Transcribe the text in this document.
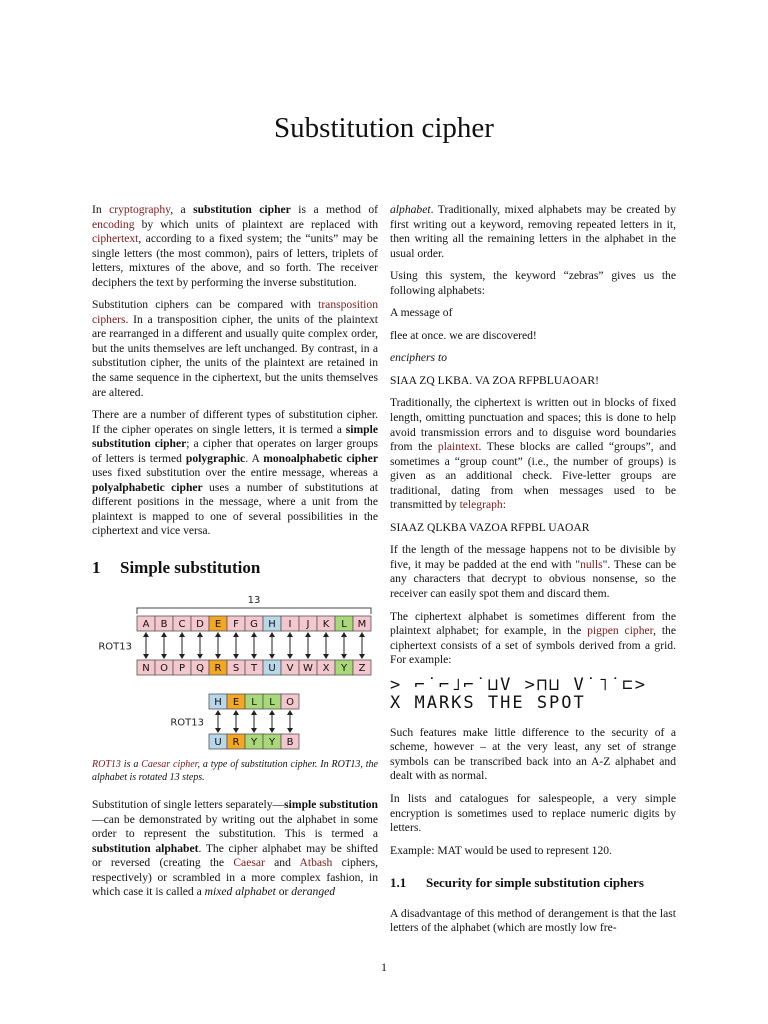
Substitution cipher

In cryptography, a substitution cipher is a method of encoding by which units of plaintext are replaced with ciphertext, according to a fixed system; the “units” may be single letters (the most common), pairs of letters, triplets of letters, mixtures of the above, and so forth. The receiver deciphers the text by performing the inverse substitution.

Substitution ciphers can be compared with transposition ciphers. In a transposition cipher, the units of the plaintext are rearranged in a different and usually quite complex order, but the units themselves are left unchanged. By contrast, in a substitution cipher, the units of the plaintext are retained in the same sequence in the ciphertext, but the units themselves are altered.

There are a number of different types of substitution cipher. If the cipher operates on single letters, it is termed a simple substitution cipher; a cipher that operates on larger groups of letters is termed polygraphic. A monoalphabetic cipher uses fixed substitution over the entire message, whereas a polyalphabetic cipher uses a number of substitutions at different positions in the message, where a unit from the plaintext is mapped to one of several possibilities in the ciphertext and vice versa.

1 Simple substitution
13
A B C D E F G H I J K L M
N O P Q R S T U V W X Y Z
ROT13
H E L L O
U R Y Y B
ROT13

ROT13 is a Caesar cipher, a type of substitution cipher. In ROT13, the alphabet is rotated 13 steps.

Substitution of single letters separately—simple substitution—can be demonstrated by writing out the alphabet in some order to represent the substitution. This is termed a substitution alphabet. The cipher alphabet may be shifted or reversed (creating the Caesar and Atbash ciphers, respectively) or scrambled in a more complex fashion, in which case it is called a mixed alphabet or deranged

alphabet. Traditionally, mixed alphabets may be created by first writing out a keyword, removing repeated letters in it, then writing all the remaining letters in the alphabet in the usual order.

Using this system, the keyword “zebras” gives us the following alphabets:

A message of

flee at once. we are discovered!

enciphers to

SIAA ZQ LKBA. VA ZOA RFPBLUAOAR!

Traditionally, the ciphertext is written out in blocks of fixed length, omitting punctuation and spaces; this is done to help avoid transmission errors and to disguise word boundaries from the plaintext. These blocks are called “groups”, and sometimes a “group count” (i.e., the number of groups) is given as an additional check. Five-letter groups are traditional, dating from when messages used to be transmitted by telegraph:

SIAAZ QLKBA VAZOA RFPBL UAOAR

If the length of the message happens not to be divisible by five, it may be padded at the end with "nulls". These can be any characters that decrypt to obvious nonsense, so the receiver can easily spot them and discard them.

The ciphertext alphabet is sometimes different from the plaintext alphabet; for example, in the pigpen cipher, the ciphertext consists of a set of symbols derived from a grid. For example:

> ⌐˙⌐˩⌐˙⊔V >⊓⊔ V˙˥˙⊏>
X MARKS THE SPOT

Such features make little difference to the security of a scheme, however – at the very least, any set of strange symbols can be transcribed back into an A-Z alphabet and dealt with as normal.

In lists and catalogues for salespeople, a very simple encryption is sometimes used to replace numeric digits by letters.

Example: MAT would be used to represent 120.

1.1	Security for simple substitution ciphers

A disadvantage of this method of derangement is that the last letters of the alphabet (which are mostly low fre-

1
